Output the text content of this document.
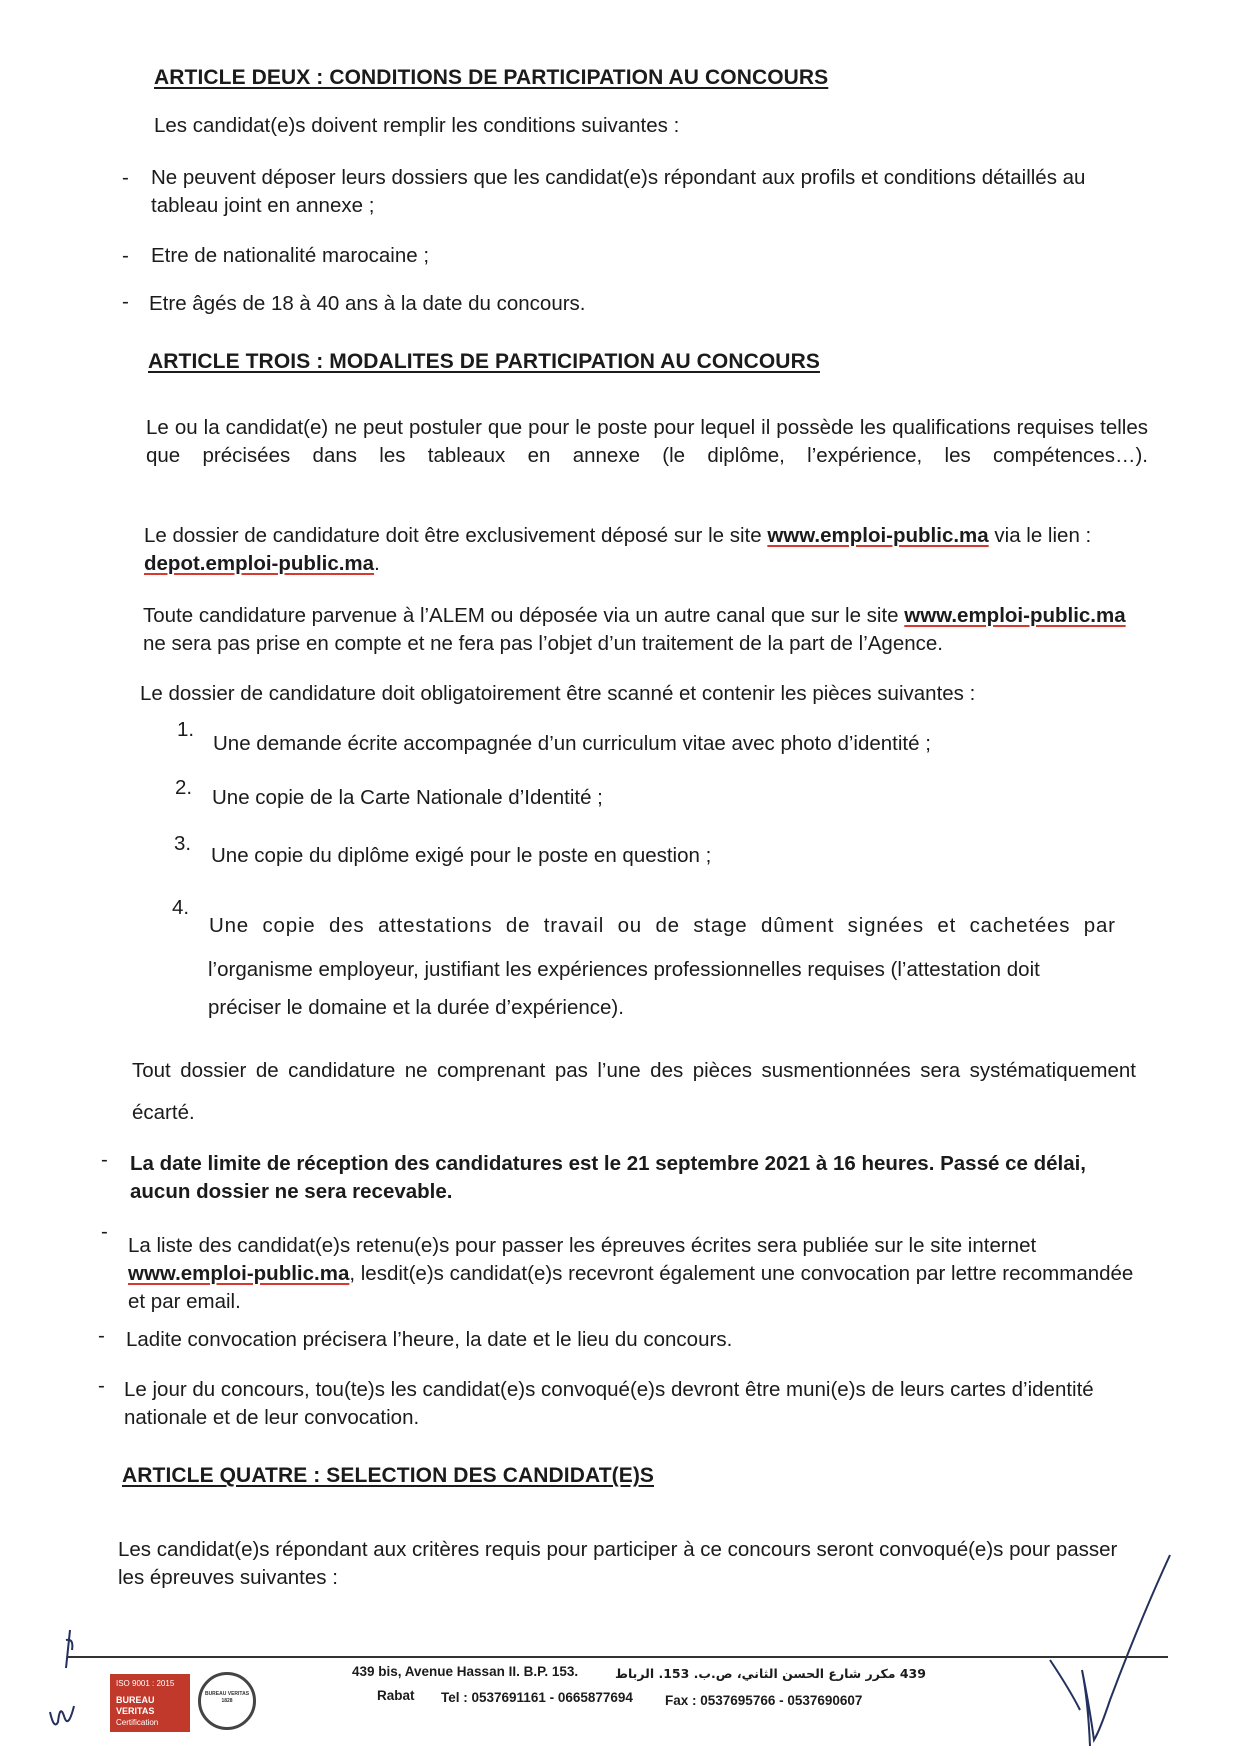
ARTICLE DEUX : CONDITIONS DE PARTICIPATION AU CONCOURS

Les candidat(e)s doivent remplir les conditions suivantes :

- Ne peuvent déposer leurs dossiers que les candidat(e)s répondant aux profils et conditions détaillés au tableau joint en annexe ;

- Etre de nationalité marocaine ;

- Etre âgés de 18 à 40 ans à la date du concours.

ARTICLE TROIS : MODALITES DE PARTICIPATION AU CONCOURS

Le ou la candidat(e) ne peut postuler que pour le poste pour lequel il possède les qualifications requises telles que précisées dans les tableaux en annexe (le diplôme, l’expérience, les compétences…).

Le dossier de candidature doit être exclusivement déposé sur le site www.emploi-public.ma via le lien : depot.emploi-public.ma.

Toute candidature parvenue à l’ALEM ou déposée via un autre canal que sur le site www.emploi-public.ma ne sera pas prise en compte et ne fera pas l’objet d’un traitement de la part de l’Agence.

Le dossier de candidature doit obligatoirement être scanné et contenir les pièces suivantes :

1.

Une demande écrite accompagnée d’un curriculum vitae avec photo d’identité ;

2. Une copie de la Carte Nationale d’Identité ;

3.

Une copie du diplôme exigé pour le poste en question ;

4.

Une copie des attestations de travail ou de stage dûment signées et cachetées par

l’organisme employeur, justifiant les expériences professionnelles requises (l’attestation doit

préciser le domaine et la durée d’expérience).

Tout dossier de candidature ne comprenant pas l’une des pièces susmentionnées sera systématiquement écarté.

- La date limite de réception des candidatures est le 21 septembre 2021 à 16 heures. Passé ce délai, aucun dossier ne sera recevable.

-

La liste des candidat(e)s retenu(e)s pour passer les épreuves écrites sera publiée sur le site internet www.emploi-public.ma, lesdit(e)s candidat(e)s recevront également une convocation par lettre recommandée et par email.

- Ladite convocation précisera l’heure, la date et le lieu du concours.

- Le jour du concours, tou(te)s les candidat(e)s convoqué(e)s devront être muni(e)s de leurs cartes d’identité nationale et de leur convocation.

ARTICLE QUATRE : SELECTION DES CANDIDAT(E)S

Les candidat(e)s répondant aux critères requis pour participer à ce concours seront convoqué(e)s pour passer les épreuves suivantes :

ISO 9001 : 2015
BUREAU VERITAS
Certification
BUREAU VERITAS 1828
439 bis, Avenue Hassan II. B.P. 153.
Rabat Tel : 0537691161 - 0665877694
439 مكرر شارع الحسن الثاني، ص.ب. 153. الرباط
Fax : 0537695766 - 0537690607
